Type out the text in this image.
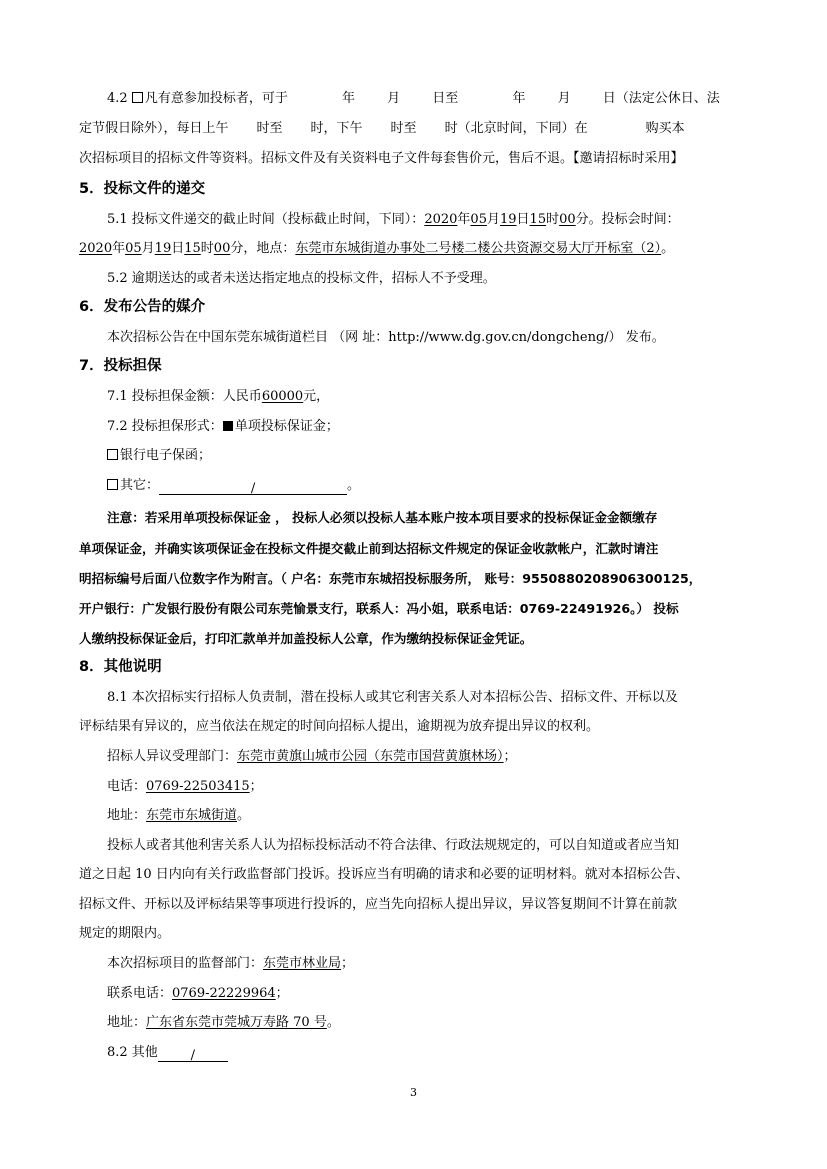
4.2 凡有意参加投标者，可于	年 月 日至	年 月 日（法定公休日、法
定节假日除外），每日上午 时至 时，下午 时至 时（北京时间，下同）在	购买本
次招标项目的招标文件等资料。招标文件及有关资料电子文件每套售价元，售后不退。【邀请招标时采用】
5．投标文件的递交
5.1 投标文件递交的截止时间（投标截止时间，下同）：2020年05月19日15时00分。投标会时间：
2020年05月19日15时00分，地点：东莞市东城街道办事处二号楼二楼公共资源交易大厅开标室（2）。
5.2 逾期送达的或者未送达指定地点的投标文件，招标人不予受理。
6．发布公告的媒介
本次招标公告在中国东莞东城街道栏目 （网 址：http://www.dg.gov.cn/dongcheng/） 发布。
7．投标担保
7.1 投标担保金额：人民币60000元，
7.2 投标担保形式： 单项投标保证金；
银行电子保函；
其它：	/	。
注意：若采用单项投标保证金 ， 投标人必须以投标人基本账户按本项目要求的投标保证金金额缴存
单项保证金，并确实该项保证金在投标文件提交截止前到达招标文件规定的保证金收款帐户，汇款时请注
明招标编号后面八位数字作为附言。（ 户名：东莞市东城招投标服务所， 账号：9550880208906300125，
开户银行：广发银行股份有限公司东莞愉景支行，联系人：冯小姐，联系电话：0769-22491926。） 投标
人缴纳投标保证金后，打印汇款单并加盖投标人公章，作为缴纳投标保证金凭证。
8．其他说明
8.1 本次招标实行招标人负责制，潜在投标人或其它利害关系人对本招标公告、招标文件、开标以及
评标结果有异议的，应当依法在规定的时间向招标人提出，逾期视为放弃提出异议的权利。
招标人异议受理部门：东莞市黄旗山城市公园（东莞市国营黄旗林场）；
电话：0769-22503415；
地址：东莞市东城街道。
投标人或者其他利害关系人认为招标投标活动不符合法律、行政法规规定的，可以自知道或者应当知
道之日起 10 日内向有关行政监督部门投诉。投诉应当有明确的请求和必要的证明材料。就对本招标公告、
招标文件、开标以及评标结果等事项进行投诉的，应当先向招标人提出异议，异议答复期间不计算在前款
规定的期限内。
本次招标项目的监督部门：东莞市林业局；
联系电话：0769-22229964；
地址：广东省东莞市莞城万寿路 70 号。
8.2 其他	/
3
